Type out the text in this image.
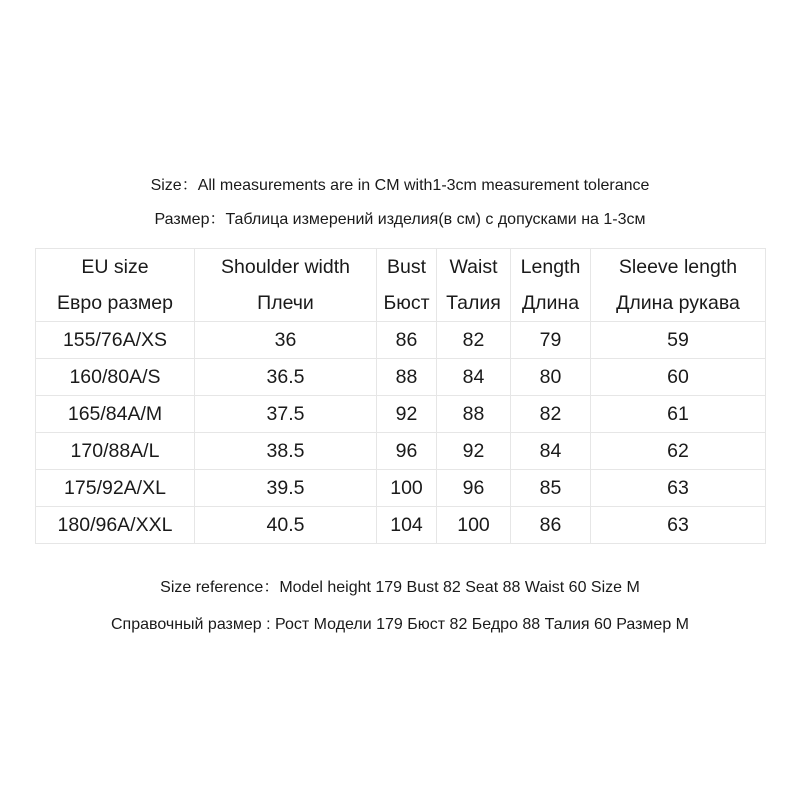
Size：All measurements are in CM with1-3cm measurement tolerance
Размер：Таблица измерений изделия(в см) с допусками на 1-3см
EU size	Shoulder width	Bust	Waist	Length	Sleeve length
Евро размер	Плечи	Бюст	Талия	Длина	Длина рукава
155/76A/XS	36	86	82	79	59
160/80A/S	36.5	88	84	80	60
165/84A/M	37.5	92	88	82	61
170/88A/L	38.5	96	92	84	62
175/92A/XL	39.5	100	96	85	63
180/96A/XXL	40.5	104	100	86	63
Size reference：Model height 179 Bust 82 Seat 88 Waist 60 Size M
Справочный размер : Рост Модели 179 Бюст 82 Бедро 88 Талия 60 Размер M
